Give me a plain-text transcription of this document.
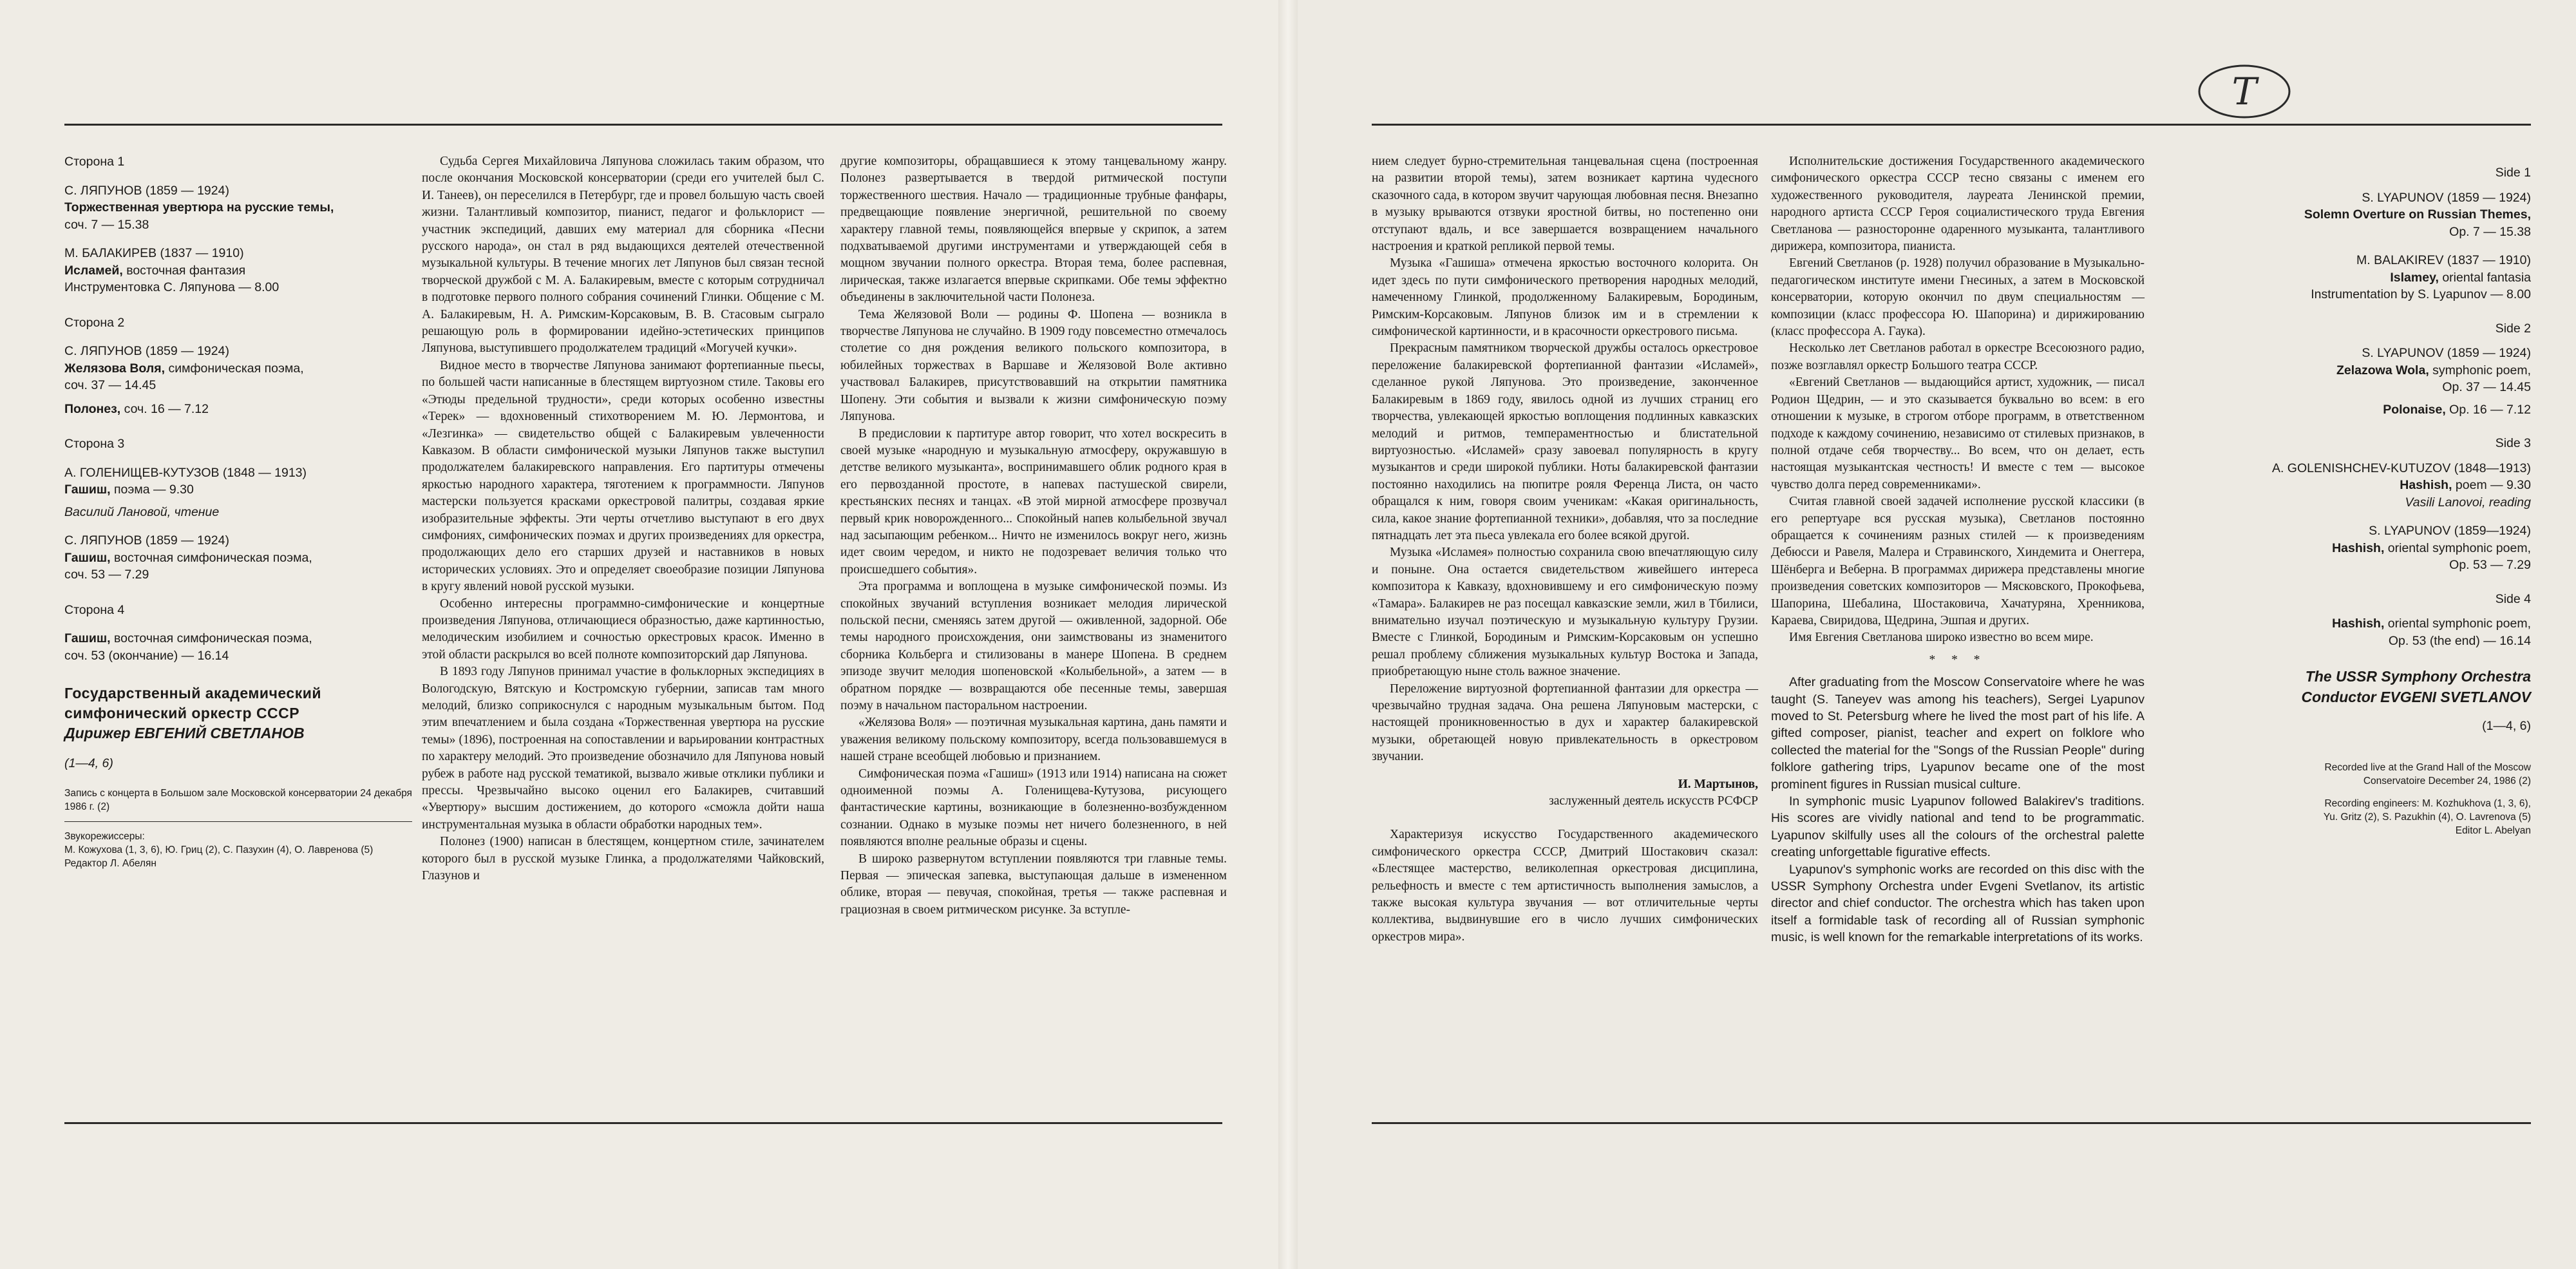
T
Сторона 1
С. ЛЯПУНОВ (1859 — 1924)
Торжественная увертюра на русские темы,
соч. 7 — 15.38
М. БАЛАКИРЕВ (1837 — 1910)
Исламей, восточная фантазия
Инструментовка С. Ляпунова — 8.00
Сторона 2
С. ЛЯПУНОВ (1859 — 1924)
Желязова Воля, симфоническая поэма,
соч. 37 — 14.45
Полонез, соч. 16 — 7.12
Сторона 3
А. ГОЛЕНИЩЕВ-КУТУЗОВ (1848 — 1913)
Гашиш, поэма — 9.30
Василий Лановой, чтение
С. ЛЯПУНОВ (1859 — 1924)
Гашиш, восточная симфоническая поэма,
соч. 53 — 7.29
Сторона 4
Гашиш, восточная симфоническая поэма,
соч. 53 (окончание) — 16.14
Государственный академический симфонический оркестр СССР
Дирижер ЕВГЕНИЙ СВЕТЛАНОВ
(1—4, 6)
Запись с концерта в Большом зале Московской консерватории 24 декабря 1986 г. (2)
Звукорежиссеры:
М. Кожухова (1, 3, 6), Ю. Гриц (2), С. Пазухин (4), О. Лавренова (5)
Редактор Л. Абелян

Судьба Сергея Михайловича Ляпунова сложилась таким образом, что после окончания Московской консерватории (среди его учителей был С. И. Танеев), он переселился в Петербург, где и провел большую часть своей жизни. Талантливый композитор, пианист, педагог и фольклорист — участник экспедиций, давших ему материал для сборника «Песни русского народа», он стал в ряд выдающихся деятелей отечественной музыкальной культуры. В течение многих лет Ляпунов был связан тесной творческой дружбой с М. А. Балакиревым, вместе с которым сотрудничал в подготовке первого полного собрания сочинений Глинки. Общение с М. А. Балакиревым, Н. А. Римским-Корсаковым, В. В. Стасовым сыграло решающую роль в формировании идейно-эстетических принципов Ляпунова, выступившего продолжателем традиций «Могучей кучки».

Видное место в творчестве Ляпунова занимают фортепианные пьесы, по большей части написанные в блестящем виртуозном стиле. Таковы его «Этюды предельной трудности», среди которых особенно известны «Терек» — вдохновенный стихотворением М. Ю. Лермонтова, и «Лезгинка» — свидетельство общей с Балакиревым увлеченности Кавказом. В области симфонической музыки Ляпунов также выступил продолжателем балакиревского направления. Его партитуры отмечены яркостью народного характера, тяготением к программности. Ляпунов мастерски пользуется красками оркестровой палитры, создавая яркие изобразительные эффекты. Эти черты отчетливо выступают в его двух симфониях, симфонических поэмах и других произведениях для оркестра, продолжающих дело его старших друзей и наставников в новых исторических условиях. Это и определяет своеобразие позиции Ляпунова в кругу явлений новой русской музыки.

Особенно интересны программно-симфонические и концертные произведения Ляпунова, отличающиеся образностью, даже картинностью, мелодическим изобилием и сочностью оркестровых красок. Именно в этой области раскрылся во всей полноте композиторский дар Ляпунова.

В 1893 году Ляпунов принимал участие в фольклорных экспедициях в Вологодскую, Вятскую и Костромскую губернии, записав там много мелодий, близко соприкоснулся с народным музыкальным бытом. Под этим впечатлением и была создана «Торжественная увертюра на русские темы» (1896), построенная на сопоставлении и варьировании контрастных по характеру мелодий. Это произведение обозначило для Ляпунова новый рубеж в работе над русской тематикой, вызвало живые отклики публики и прессы. Чрезвычайно высоко оценил его Балакирев, считавший «Увертюру» высшим достижением, до которого «сможла дойти наша инструментальная музыка в области обработки народных тем».

Полонез (1900) написан в блестящем, концертном стиле, зачинателем которого был в русской музыке Глинка, а продолжателями Чайковский, Глазунов и

другие композиторы, обращавшиеся к этому танцевальному жанру. Полонез развертывается в твердой ритмической поступи торжественного шествия. Начало — традиционные трубные фанфары, предвещающие появление энергичной, решительной по своему характеру главной темы, появляющейся впервые у скрипок, а затем подхватываемой другими инструментами и утверждающей себя в мощном звучании полного оркестра. Вторая тема, более распевная, лирическая, также излагается впервые скрипками. Обе темы эффектно объединены в заключительной части Полонеза.

Тема Желязовой Воли — родины Ф. Шопена — возникла в творчестве Ляпунова не случайно. В 1909 году повсеместно отмечалось столетие со дня рождения великого польского композитора, в юбилейных торжествах в Варшаве и Желязовой Воле активно участвовал Балакирев, присутствовавший на открытии памятника Шопену. Эти события и вызвали к жизни симфоническую поэму Ляпунова.

В предисловии к партитуре автор говорит, что хотел воскресить в своей музыке «народную и музыкальную атмосферу, окружавшую в детстве великого музыканта», воспринимавшего облик родного края в его первозданной простоте, в напевах пастушеской свирели, крестьянских песнях и танцах. «В этой мирной атмосфере прозвучал первый крик новорожденного... Спокойный напев колыбельной звучал над засыпающим ребенком... Ничто не изменилось вокруг него, жизнь идет своим чередом, и никто не подозревает величия только что происшедшего события».

Эта программа и воплощена в музыке симфонической поэмы. Из спокойных звучаний вступления возникает мелодия лирической польской песни, сменяясь затем другой — оживленной, задорной. Обе темы народного происхождения, они заимствованы из знаменитого сборника Кольберга и стилизованы в манере Шопена. В среднем эпизоде звучит мелодия шопеновской «Колыбельной», а затем — в обратном порядке — возвращаются обе песенные темы, завершая поэму в начальном пасторальном настроении.

«Желязова Воля» — поэтичная музыкальная картина, дань памяти и уважения великому польскому композитору, всегда пользовавшемуся в нашей стране всеобщей любовью и признанием.

Симфоническая поэма «Гашиш» (1913 или 1914) написана на сюжет одноименной поэмы А. Голенищева-Кутузова, рисующего фантастические картины, возникающие в болезненно-возбужденном сознании. Однако в музыке поэмы нет ничего болезненного, в ней появляются вполне реальные образы и сцены.

В широко развернутом вступлении появляются три главные темы. Первая — эпическая запевка, выступающая дальше в измененном облике, вторая — певучая, спокойная, третья — также распевная и грациозная в своем ритмическом рисунке. За вступле-

нием следует бурно-стремительная танцевальная сцена (построенная на развитии второй темы), затем возникает картина чудесного сказочного сада, в котором звучит чарующая любовная песня. Внезапно в музыку врываются отзвуки яростной битвы, но постепенно они отступают вдаль, и все завершается возвращением начального настроения и краткой репликой первой темы.

Музыка «Гашиша» отмечена яркостью восточного колорита. Он идет здесь по пути симфонического претворения народных мелодий, намеченному Глинкой, продолженному Балакиревым, Бородиным, Римским-Корсаковым. Ляпунов близок им и в стремлении к симфонической картинности, и в красочности оркестрового письма.

Прекрасным памятником творческой дружбы осталось оркестровое переложение балакиревской фортепианной фантазии «Исламей», сделанное рукой Ляпунова. Это произведение, законченное Балакиревым в 1869 году, явилось одной из лучших страниц его творчества, увлекающей яркостью воплощения подлинных кавказских мелодий и ритмов, темпераментностью и блистательной виртуозностью. «Исламей» сразу завоевал популярность в кругу музыкантов и среди широкой публики. Ноты балакиревской фантазии постоянно находились на пюпитре рояля Ференца Листа, он часто обращался к ним, говоря своим ученикам: «Какая оригинальность, сила, какое знание фортепианной техники», добавляя, что за последние пятнадцать лет эта пьеса увлекала его более всякой другой.

Музыка «Исламея» полностью сохранила свою впечатляющую силу и поныне. Она остается свидетельством живейшего интереса композитора к Кавказу, вдохновившему и его симфоническую поэму «Тамара». Балакирев не раз посещал кавказские земли, жил в Тбилиси, внимательно изучал поэтическую и музыкальную культуру Грузии. Вместе с Глинкой, Бородиным и Римским-Корсаковым он успешно решал проблему сближения музыкальных культур Востока и Запада, приобретающую ныне столь важное значение.

Переложение виртуозной фортепианной фантазии для оркестра — чрезвычайно трудная задача. Она решена Ляпуновым мастерски, с настоящей проникновенностью в дух и характер балакиревской музыки, обретающей новую привлекательность в оркестровом звучании.

И. Мартынов,
заслуженный деятель искусств РСФСР

Характеризуя искусство Государственного академического симфонического оркестра СССР, Дмитрий Шостакович сказал: «Блестящее мастерство, великолепная оркестровая дисциплина, рельефность и вместе с тем артистичность выполнения замыслов, а также высокая культура звучания — вот отличительные черты коллектива, выдвинувшие его в число лучших симфонических оркестров мира».

Исполнительские достижения Государственного академического симфонического оркестра СССР тесно связаны с именем его художественного руководителя, лауреата Ленинской премии, народного артиста СССР Героя социалистического труда Евгения Светланова — разносторонне одаренного музыканта, талантливого дирижера, композитора, пианиста.

Евгений Светланов (р. 1928) получил образование в Музыкально-педагогическом институте имени Гнесиных, а затем в Московской консерватории, которую окончил по двум специальностям — композиции (класс профессора Ю. Шапорина) и дирижированию (класс профессора А. Гаука).

Несколько лет Светланов работал в оркестре Всесоюзного радио, позже возглавлял оркестр Большого театра СССР.

«Евгений Светланов — выдающийся артист, художник, — писал Родион Щедрин, — и это сказывается буквально во всем: в его отношении к музыке, в строгом отборе программ, в ответственном подходе к каждому сочинению, независимо от стилевых признаков, в полной отдаче себя творчеству... Во всем, что он делает, есть настоящая музыкантская честность! И вместе с тем — высокое чувство долга перед современниками».

Считая главной своей задачей исполнение русской классики (в его репертуаре вся русская музыка), Светланов постоянно обращается к сочинениям разных стилей — к произведениям Дебюсси и Равеля, Малера и Стравинского, Хиндемита и Онеггера, Шёнберга и Веберна. В программах дирижера представлены многие произведения советских композиторов — Мясковского, Прокофьева, Шапорина, Шебалина, Шостаковича, Хачатуряна, Хренникова, Караева, Свиридова, Щедрина, Эшпая и других.

Имя Евгения Светланова широко известно во всем мире.

* * *

After graduating from the Moscow Conservatoire where he was taught (S. Taneyev was among his teachers), Sergei Lyapunov moved to St. Petersburg where he lived the most part of his life. A gifted composer, pianist, teacher and expert on folklore who collected the material for the "Songs of the Russian People" during folklore gathering trips, Lyapunov became one of the most prominent figures in Russian musical culture.

In symphonic music Lyapunov followed Balakirev's traditions. His scores are vividly national and tend to be programmatic. Lyapunov skilfully uses all the colours of the orchestral palette creating unforgettable figurative effects.

Lyapunov's symphonic works are recorded on this disc with the USSR Symphony Orchestra under Evgeni Svetlanov, its artistic director and chief conductor. The orchestra which has taken upon itself a formidable task of recording all of Russian symphonic music, is well known for the remarkable interpretations of its works.

Side 1
S. LYAPUNOV (1859 — 1924)
Solemn Overture on Russian Themes,
Op. 7 — 15.38
M. BALAKIREV (1837 — 1910)
Islamey, oriental fantasia
Instrumentation by S. Lyapunov — 8.00
Side 2
S. LYAPUNOV (1859 — 1924)
Zelazowa Wola, symphonic poem,
Op. 37 — 14.45
Polonaise, Op. 16 — 7.12
Side 3
A. GOLENISHCHEV-KUTUZOV (1848—1913)
Hashish, poem — 9.30
Vasili Lanovoi, reading
S. LYAPUNOV (1859—1924)
Hashish, oriental symphonic poem,
Op. 53 — 7.29
Side 4
Hashish, oriental symphonic poem,
Op. 53 (the end) — 16.14
The USSR Symphony Orchestra
Conductor EVGENI SVETLANOV
(1—4, 6)
Recorded live at the Grand Hall of the Moscow Conservatoire December 24, 1986 (2)
Recording engineers: M. Kozhukhova (1, 3, 6), Yu. Gritz (2), S. Pazukhin (4), O. Lavrenova (5)
Editor L. Abelyan
